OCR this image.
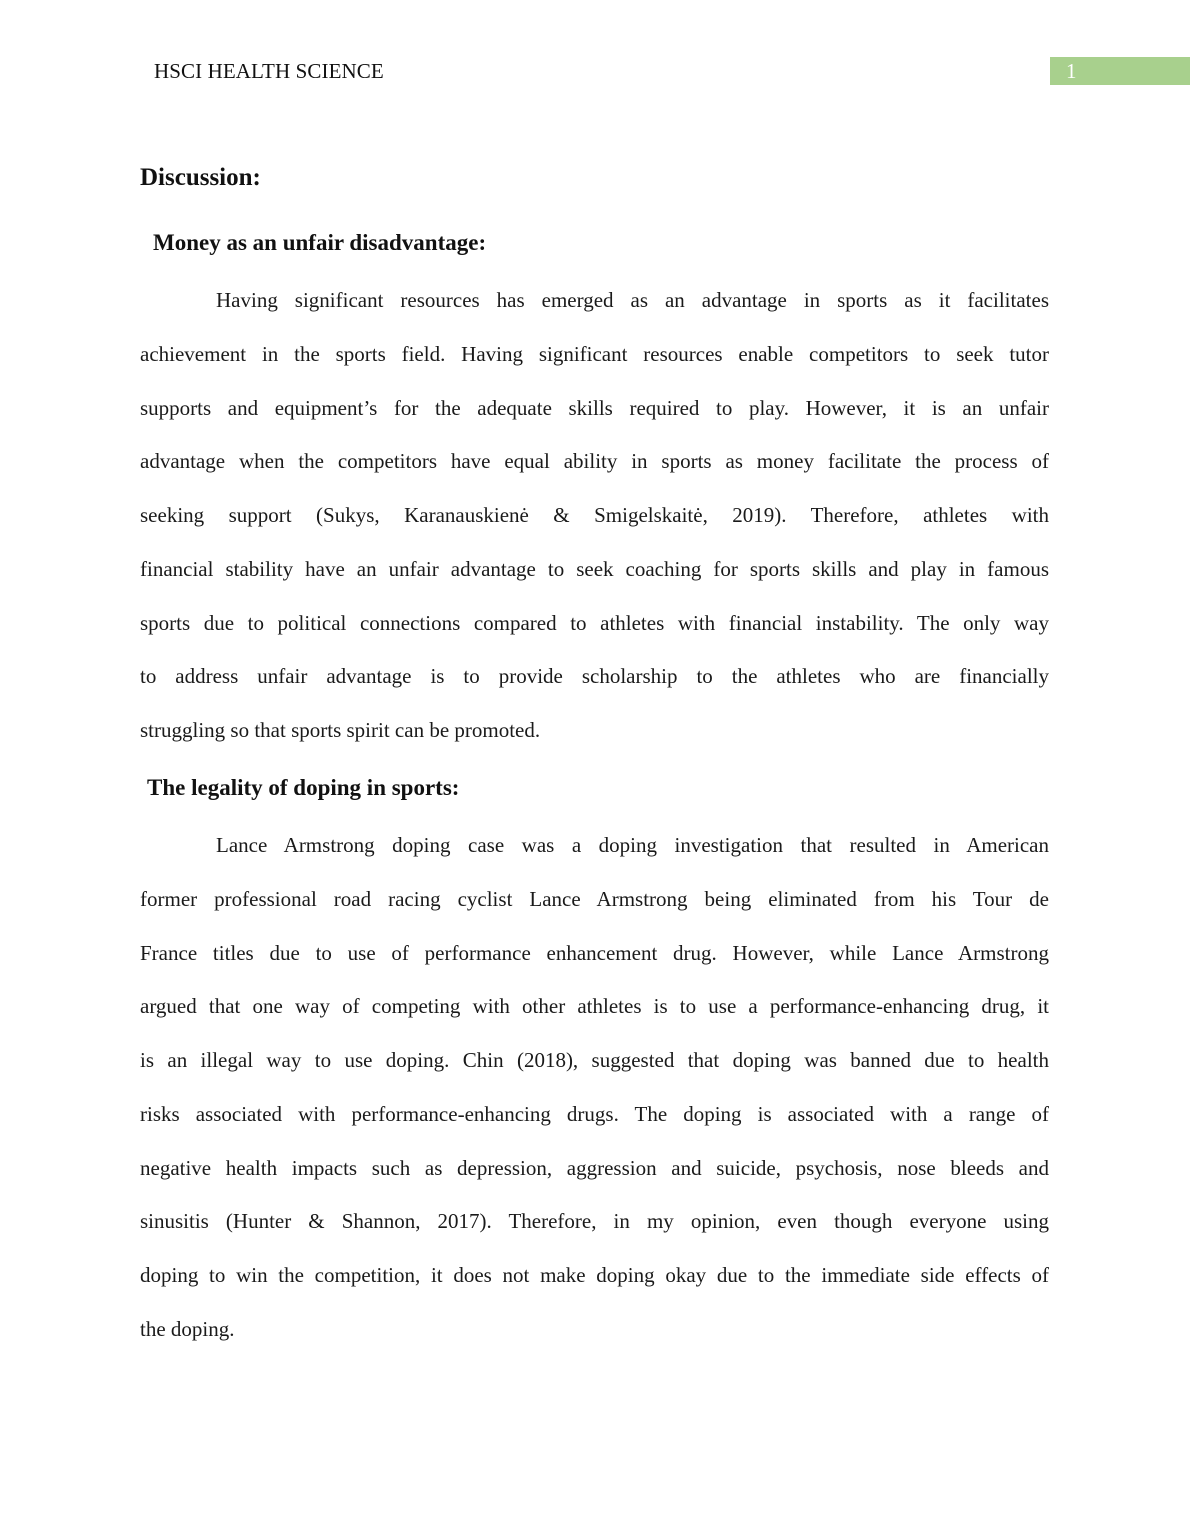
HSCI HEALTH SCIENCE	1
Discussion:
Money as an unfair disadvantage:
Having significant resources has emerged as an advantage in sports as it facilitates
achievement in the sports field. Having significant resources enable competitors to seek tutor
supports and equipment’s for the adequate skills required to play. However, it is an unfair
advantage when the competitors have equal ability in sports as money facilitate the process of
seeking support (Sukys, Karanauskienė & Smigelskaitė, 2019). Therefore, athletes with
financial stability have an unfair advantage to seek coaching for sports skills and play in famous
sports due to political connections compared to athletes with financial instability. The only way
to address unfair advantage is to provide scholarship to the athletes who are financially
struggling so that sports spirit can be promoted.
The legality of doping in sports:
Lance Armstrong doping case was a doping investigation that resulted in American
former professional road racing cyclist Lance Armstrong being eliminated from his Tour de
France titles due to use of performance enhancement drug. However, while Lance Armstrong
argued that one way of competing with other athletes is to use a performance-enhancing drug, it
is an illegal way to use doping. Chin (2018), suggested that doping was banned due to health
risks associated with performance-enhancing drugs. The doping is associated with a range of
negative health impacts such as depression, aggression and suicide, psychosis, nose bleeds and
sinusitis (Hunter & Shannon, 2017). Therefore, in my opinion, even though everyone using
doping to win the competition, it does not make doping okay due to the immediate side effects of
the doping.
